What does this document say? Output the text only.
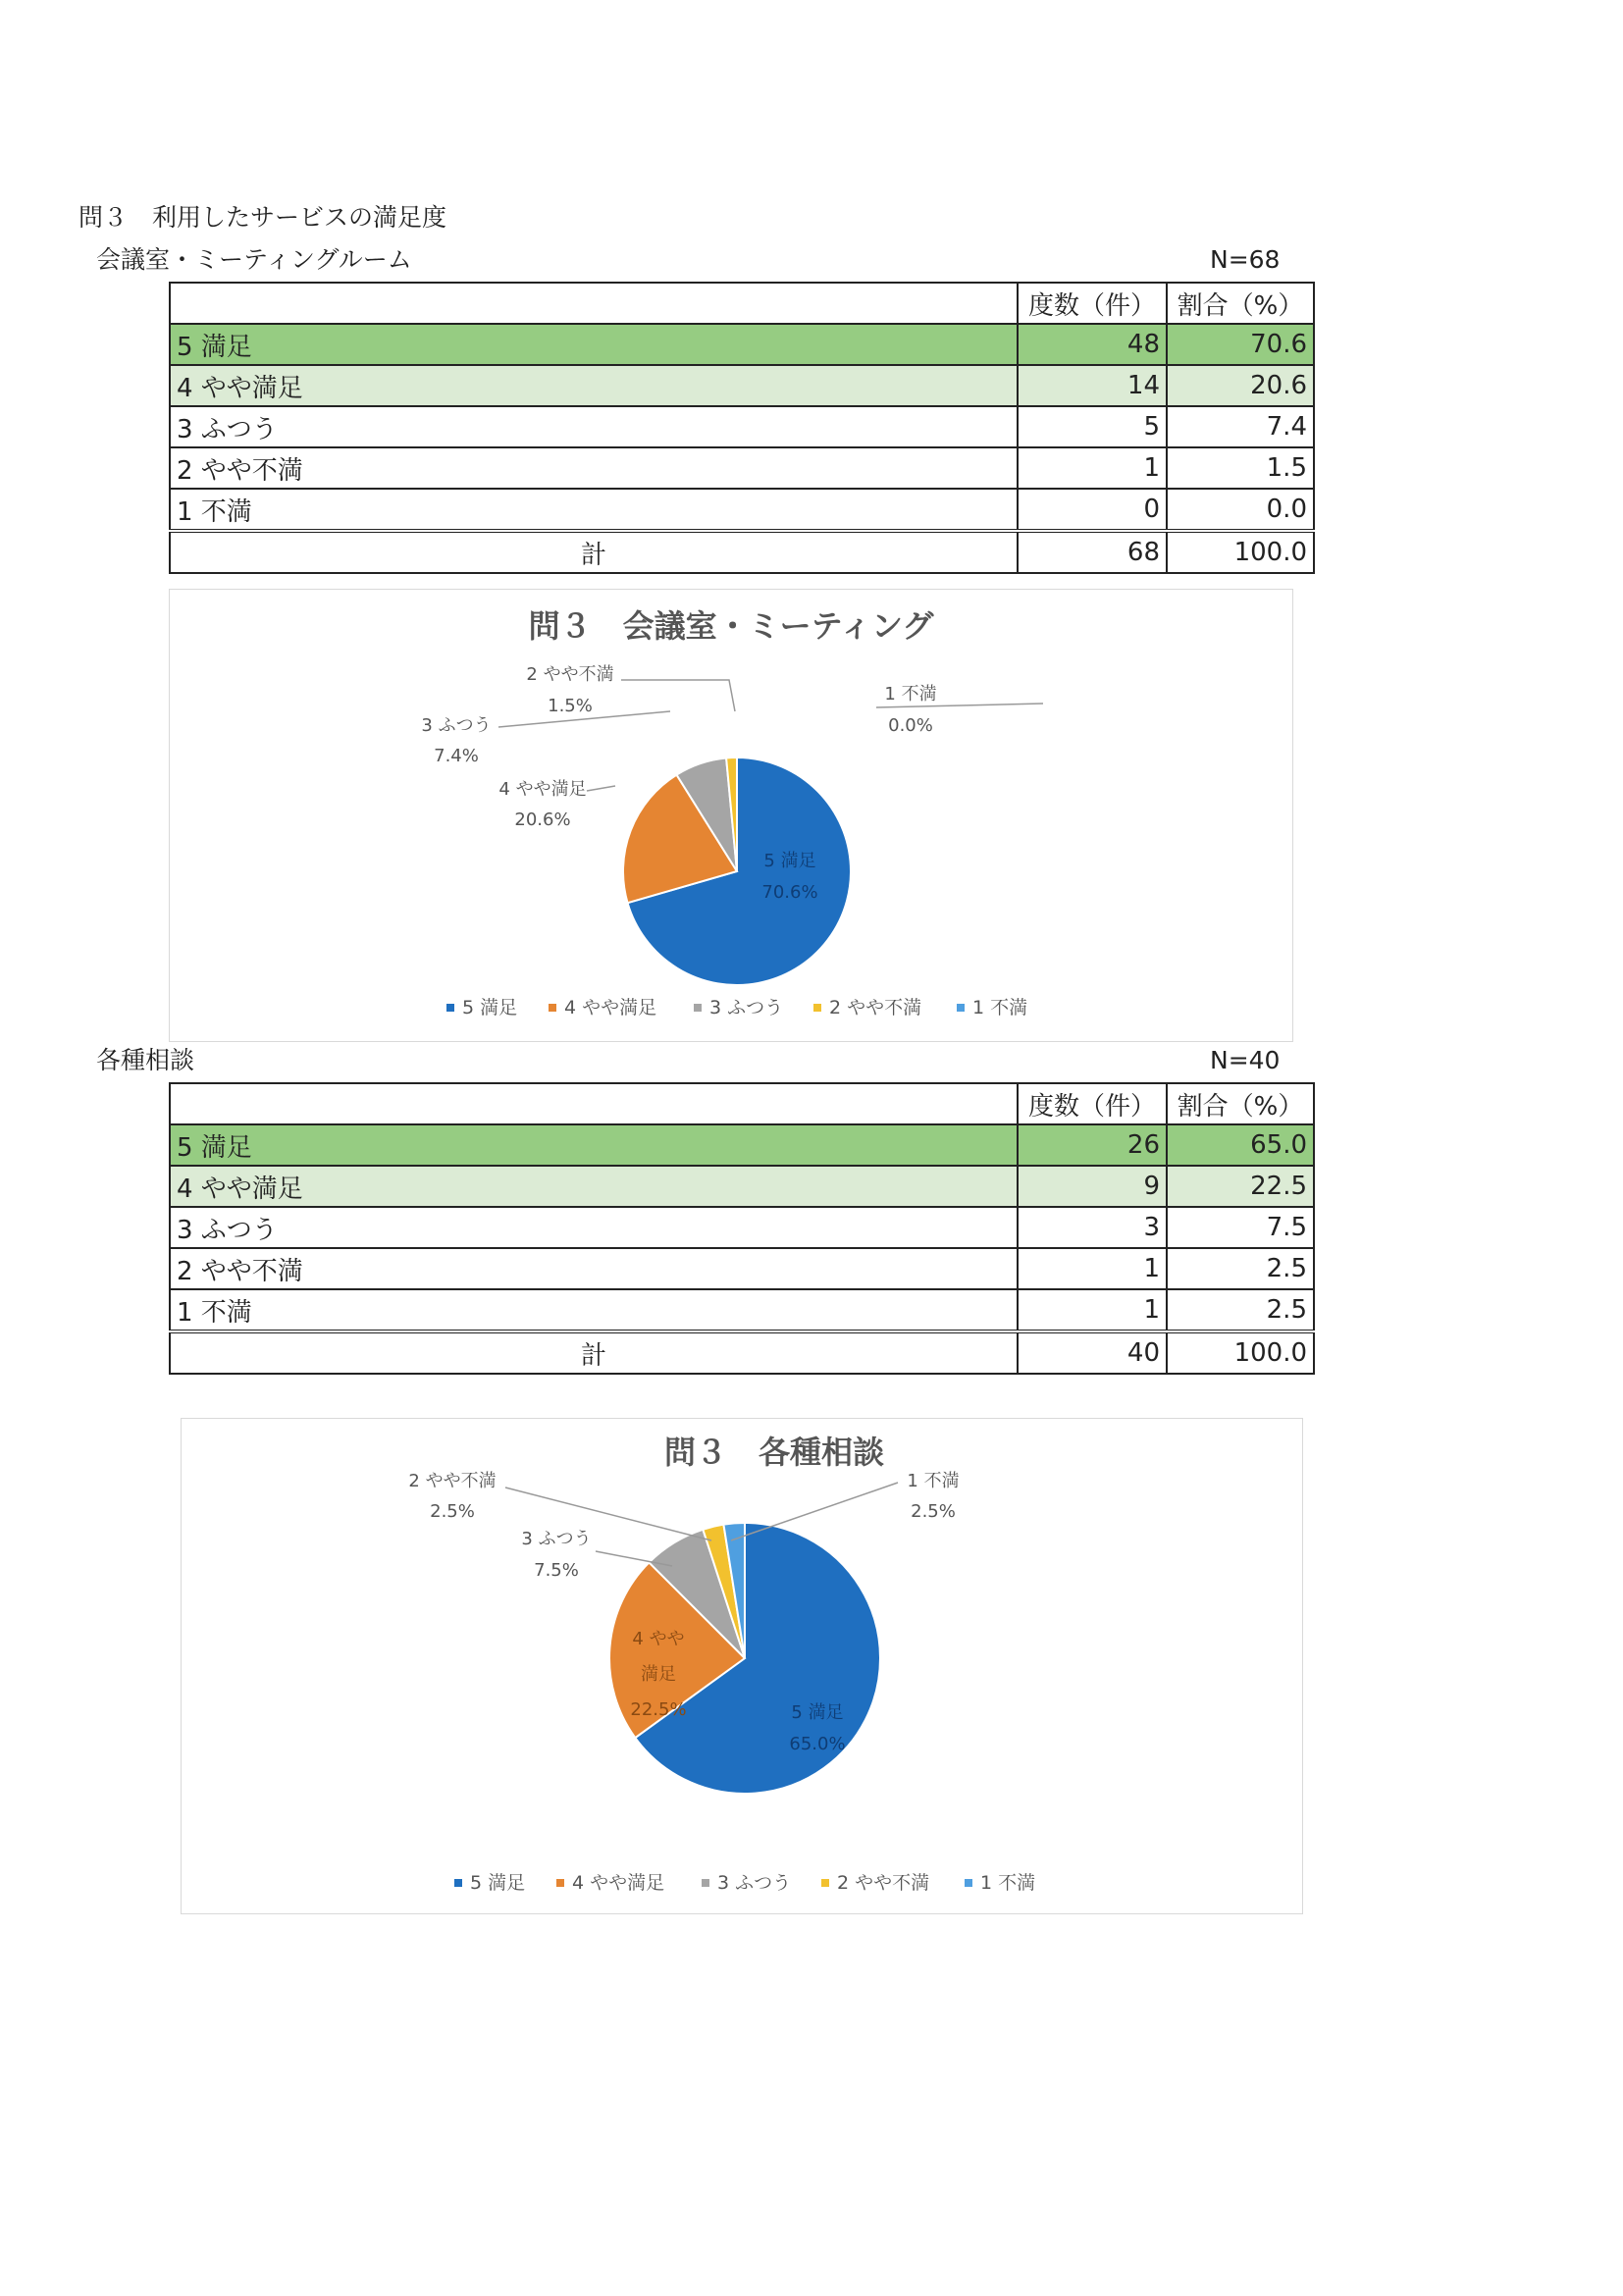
問３　利用したサービスの満足度
会議室・ミーティングルーム	N=68
	度数（件）	割合（%）
5 満足	48	70.6
4 やや満足	14	20.6
3 ふつう	5	7.4
2 やや不満	1	1.5
1 不満	0	0.0
計	68	100.0
問３　会議室・ミーティング
2 やや不満
1.5%
1 不満
0.0%
3 ふつう
7.4%
4 やや満足
20.6%
5 満足
70.6%
5 満足	4 やや満足	3 ふつう 2 やや不満	1 不満
各種相談	N=40
	度数（件）	割合（%）
5 満足	26	65.0
4 やや満足	9	22.5
3 ふつう	3	7.5
2 やや不満	1	2.5
1 不満	1	2.5
計	40	100.0
問３　各種相談
2 やや不満
2.5%
1 不満
2.5%
3 ふつう
7.5%
4 やや
満足
22.5%	5 満足
65.0%
5 満足	4 やや満足	3 ふつう 2 やや不満	1 不満
